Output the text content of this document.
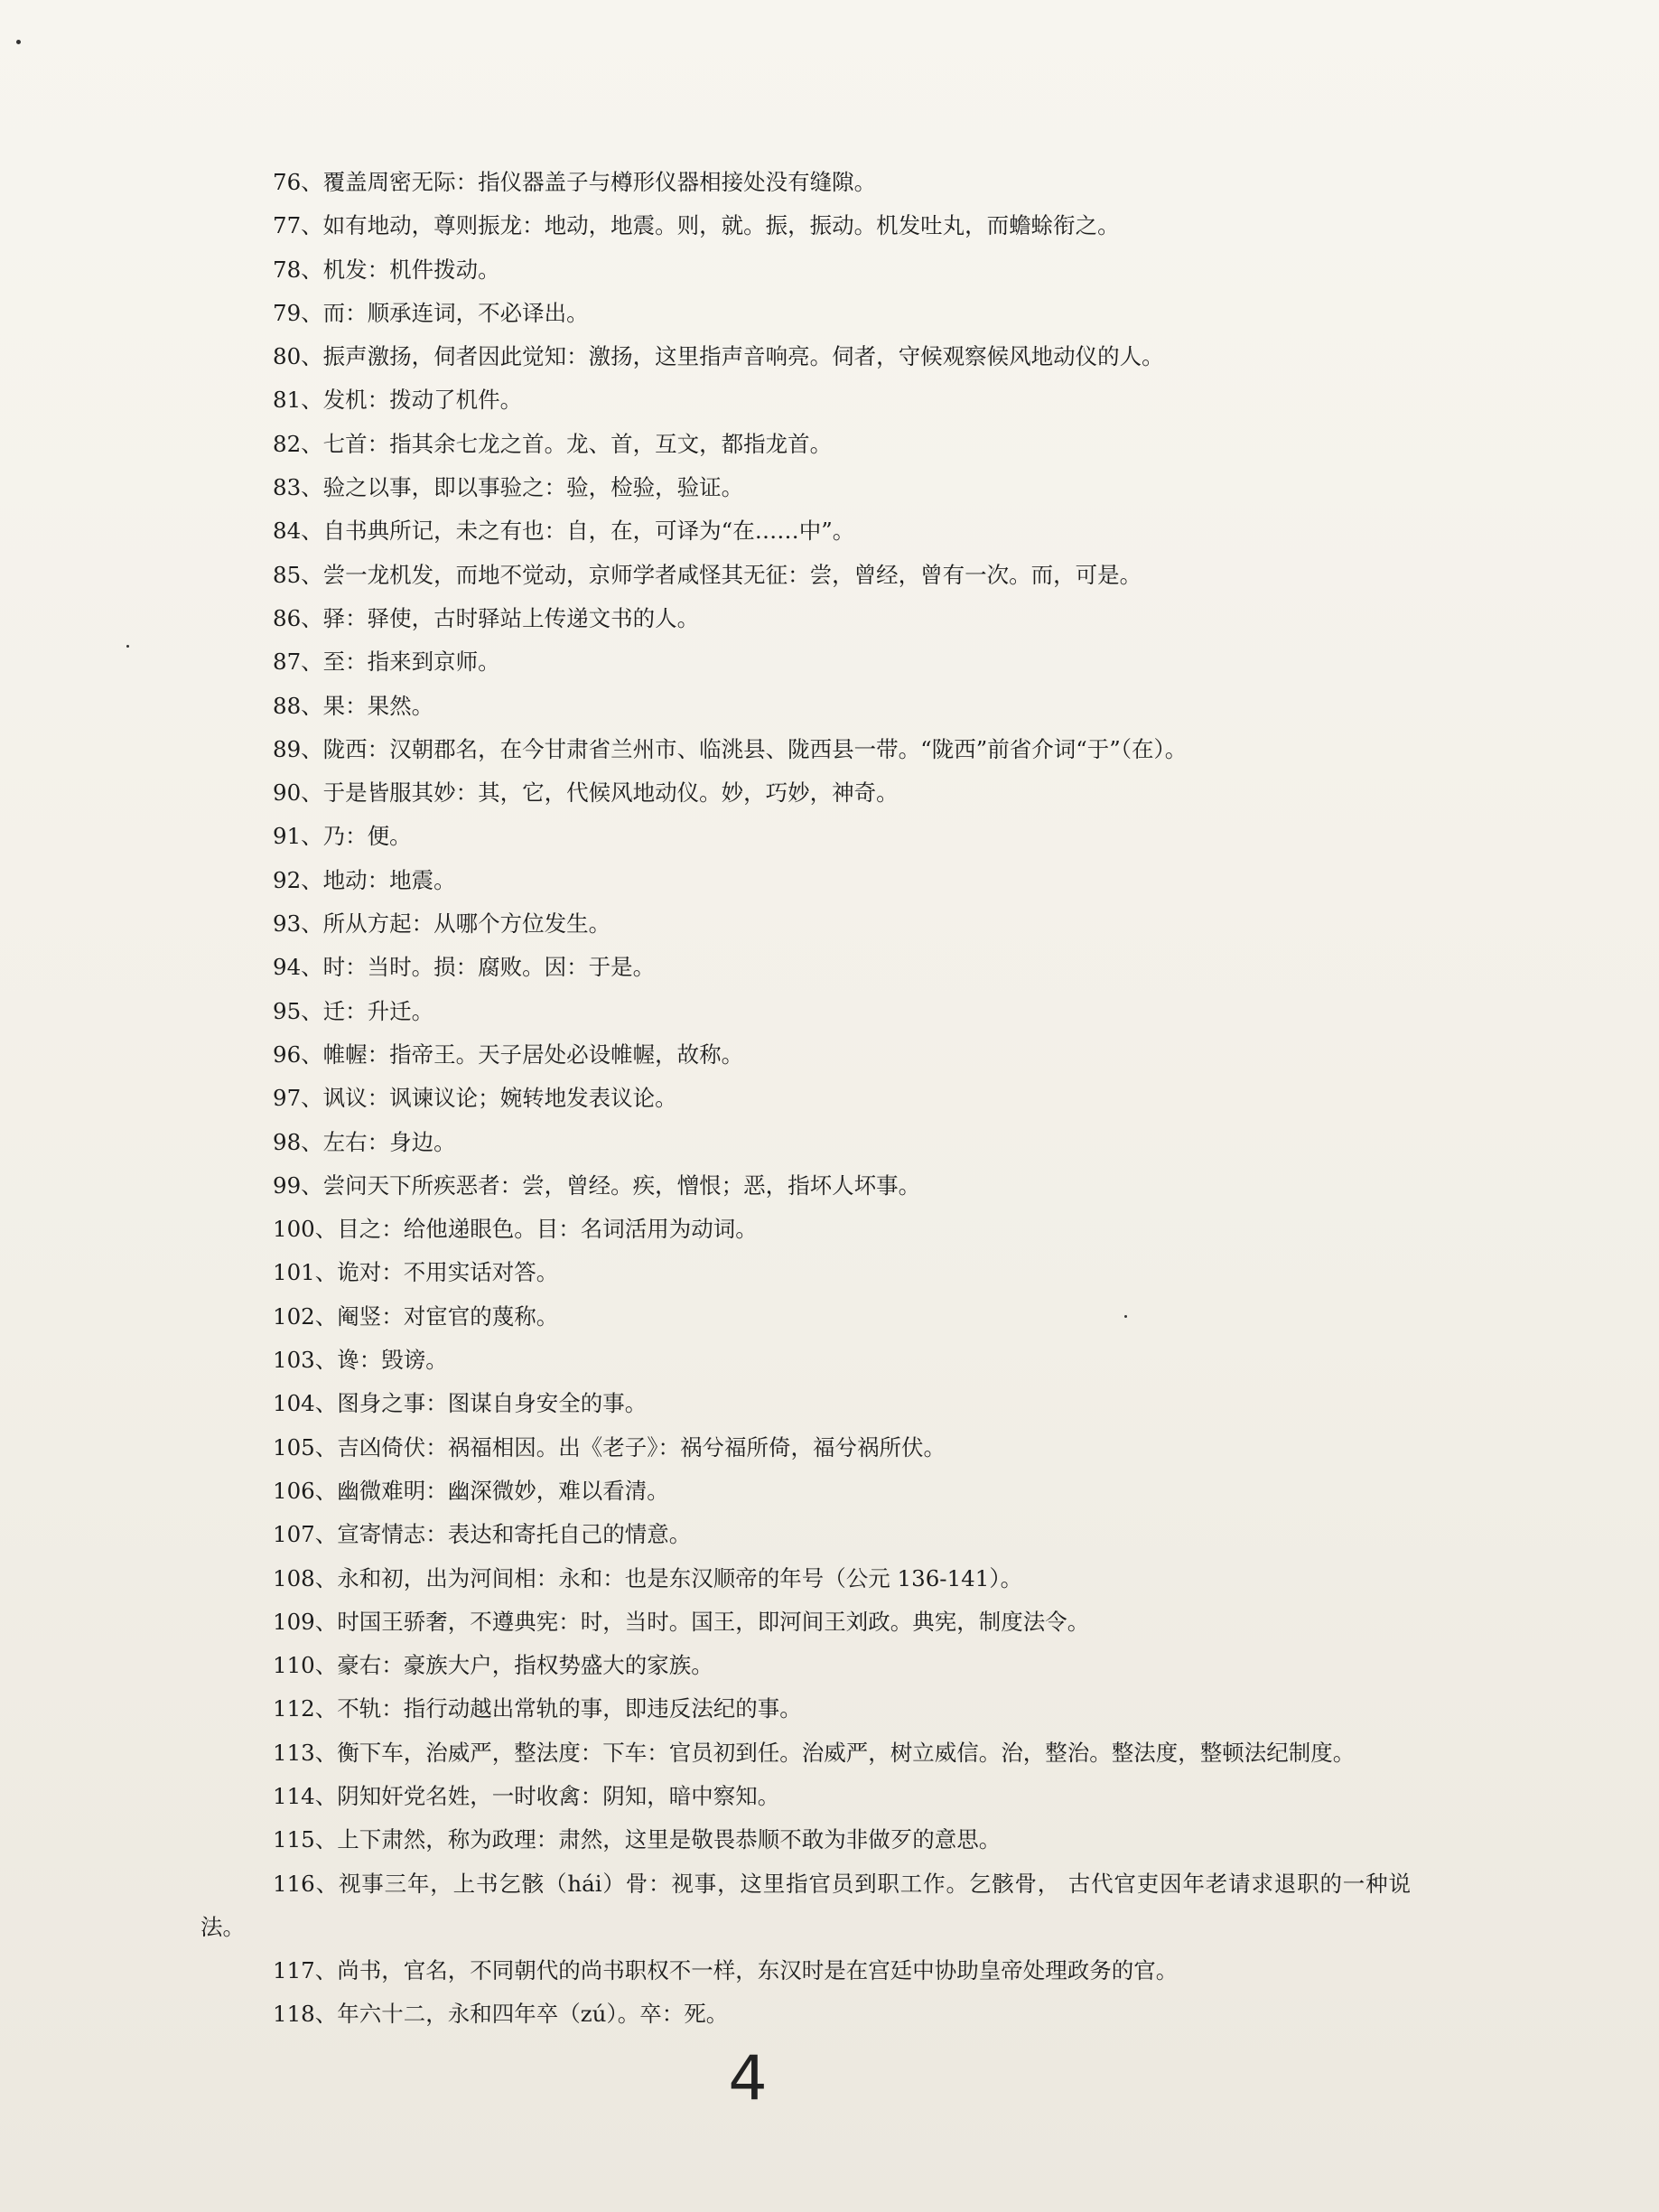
76、覆盖周密无际：指仪器盖子与樽形仪器相接处没有缝隙。
77、如有地动，尊则振龙：地动，地震。则，就。振，振动。机发吐丸，而蟾蜍衔之。
78、机发：机件拨动。
79、而：顺承连词，不必译出。
80、振声激扬，伺者因此觉知：激扬，这里指声音响亮。伺者，守候观察候风地动仪的人。
81、发机：拨动了机件。
82、七首：指其余七龙之首。龙、首，互文，都指龙首。
83、验之以事，即以事验之：验，检验，验证。
84、自书典所记，未之有也：自，在，可译为“在……中”。
85、尝一龙机发，而地不觉动，京师学者咸怪其无征：尝，曾经，曾有一次。而，可是。
86、驿：驿使，古时驿站上传递文书的人。
87、至：指来到京师。
88、果：果然。
89、陇西：汉朝郡名，在今甘肃省兰州市、临洮县、陇西县一带。“陇西”前省介词“于”（在）。
90、于是皆服其妙：其，它，代候风地动仪。妙，巧妙，神奇。
91、乃：便。
92、地动：地震。
93、所从方起：从哪个方位发生。
94、时：当时。损：腐败。因：于是。
95、迁：升迁。
96、帷幄：指帝王。天子居处必设帷幄，故称。
97、讽议：讽谏议论；婉转地发表议论。
98、左右：身边。
99、尝问天下所疾恶者：尝，曾经。疾，憎恨；恶，指坏人坏事。
100、目之：给他递眼色。目：名词活用为动词。
101、诡对：不用实话对答。
102、阉竖：对宦官的蔑称。
103、谗：毁谤。
104、图身之事：图谋自身安全的事。
105、吉凶倚伏：祸福相因。出《老子》：祸兮福所倚，福兮祸所伏。
106、幽微难明：幽深微妙，难以看清。
107、宣寄情志：表达和寄托自己的情意。
108、永和初，出为河间相：永和：也是东汉顺帝的年号（公元 136-141）。
109、时国王骄奢，不遵典宪：时，当时。国王，即河间王刘政。典宪，制度法令。
110、豪右：豪族大户，指权势盛大的家族。
112、不轨：指行动越出常轨的事，即违反法纪的事。
113、衡下车，治威严，整法度：下车：官员初到任。治威严，树立威信。治，整治。整法度，整顿法纪制度。
114、阴知奸党名姓，一时收禽：阴知，暗中察知。
115、上下肃然，称为政理：肃然，这里是敬畏恭顺不敢为非做歹的意思。
116、视事三年，上书乞骸（hái）骨：视事，这里指官员到职工作。乞骸骨， 古代官吏因年老请求退职的一种说法。
117、尚书，官名，不同朝代的尚书职权不一样，东汉时是在宫廷中协助皇帝处理政务的官。
118、年六十二，永和四年卒（zú）。卒：死。
4
